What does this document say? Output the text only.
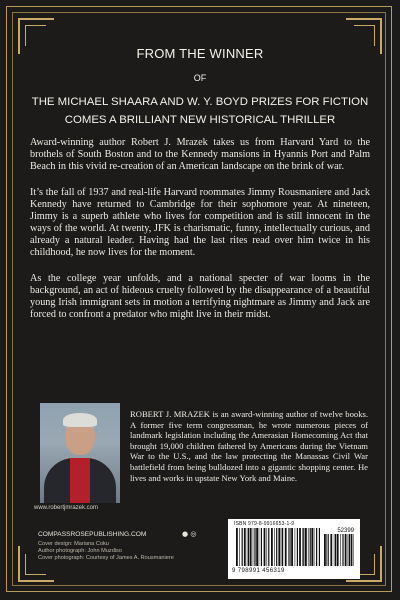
FROM THE WINNER
OF
THE MICHAEL SHAARA AND W. Y. BOYD PRIZES FOR FICTION
COMES A BRILLIANT NEW HISTORICAL THRILLER

Award-winning author Robert J. Mrazek takes us from Harvard Yard to the brothels of South Boston and to the Kennedy mansions in Hyannis Port and Palm Beach in this vivid re-creation of an American landscape on the brink of war.

It’s the fall of 1937 and real-life Harvard roommates Jimmy Rousmaniere and Jack Kennedy have returned to Cambridge for their sophomore year. At nineteen, Jimmy is a superb athlete who lives for competition and is still innocent in the ways of the world. At twenty, JFK is charismatic, funny, intellectually curious, and already a natural leader. Having had the last rites read over him twice in his childhood, he now lives for the moment.

As the college year unfolds, and a national specter of war looms in the background, an act of hideous cruelty followed by the disappearance of a beautiful young Irish immigrant sets in motion a terrifying nightmare as Jimmy and Jack are forced to confront a predator who might live in their midst.

www.robertjmrazek.com
ROBERT J. MRAZEK is an award-winning author of twelve books. A former five term congressman, he wrote numerous pieces of landmark legislation including the Amerasian Homecoming Act that brought 19,000 children fathered by Americans during the Vietnam War to the U.S., and the law protecting the Manassas Civil War battlefield from being bulldozed into a gigantic shopping center. He lives and works in upstate New York and Maine.
COMPASSROSEPUBLISHING.COM	● ◎
Cover design: Mariana Coku
Author photograph: John Muzdiso
Cover photograph: Courtesy of James A. Rousmaniere
ISBN 979-8-9916653-1-9
52399
9 798991 456319
